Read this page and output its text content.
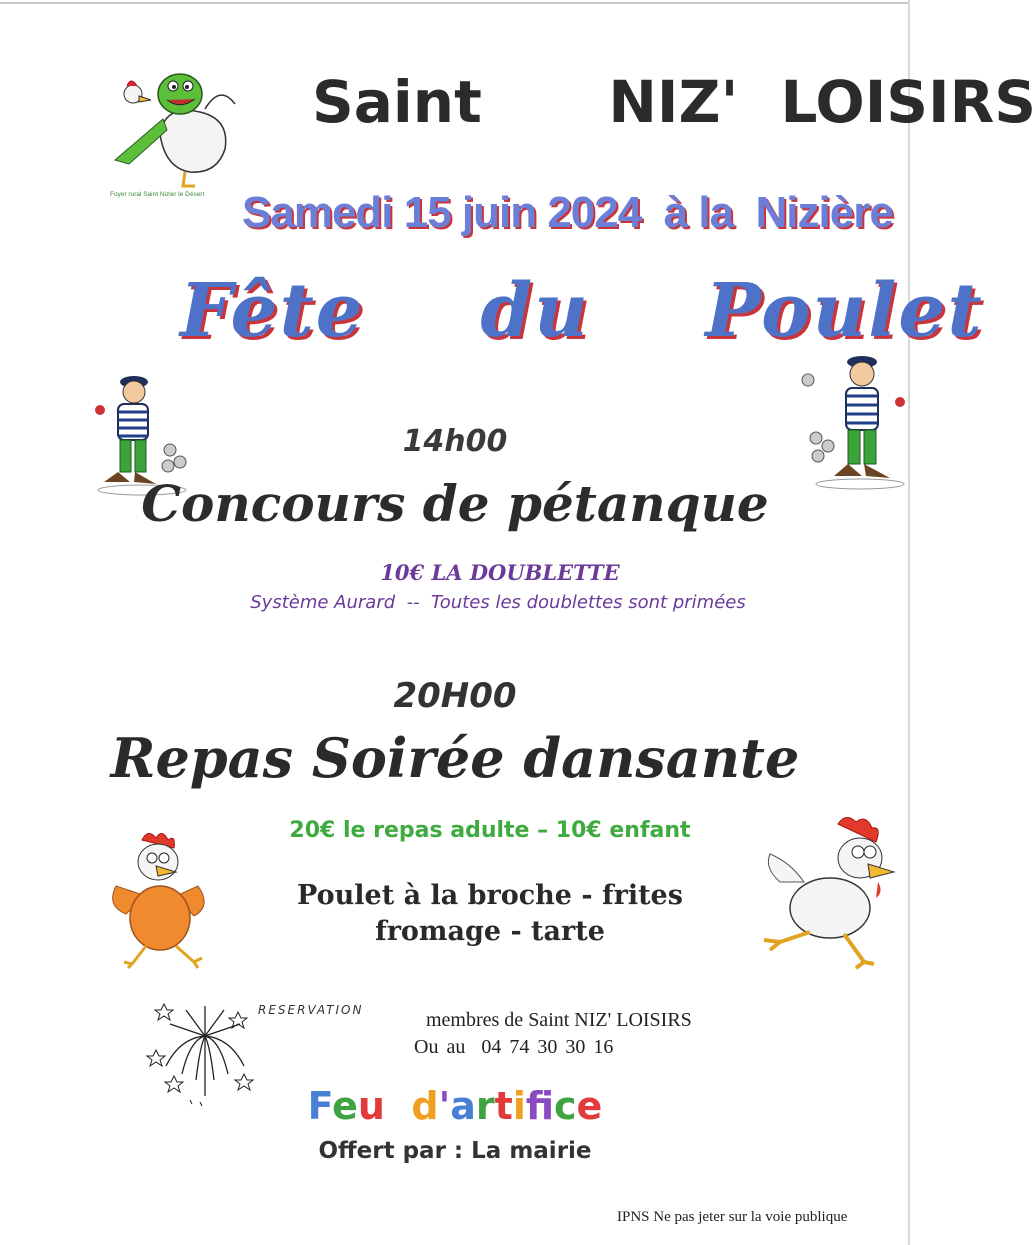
Foyer rural Saint Nizier le Désert
Saint   NIZ' LOISIRS
Samedi 15 juin 2024  à la  Nizière
Fête  du  Poulet
14h00
Concours de pétanque
10€ LA DOUBLETTE
Système Aurard  --  Toutes les doublettes sont primées
20H00
Repas Soirée dansante
20€ le repas adulte – 10€ enfant
Poulet à la broche - frites
fromage - tarte
RESERVATION	membres de Saint NIZ' LOISIRS
Ou au  04 74 30 30 16
Feu d'artifce
Offert par : La mairie
IPNS Ne pas jeter sur la voie publique
